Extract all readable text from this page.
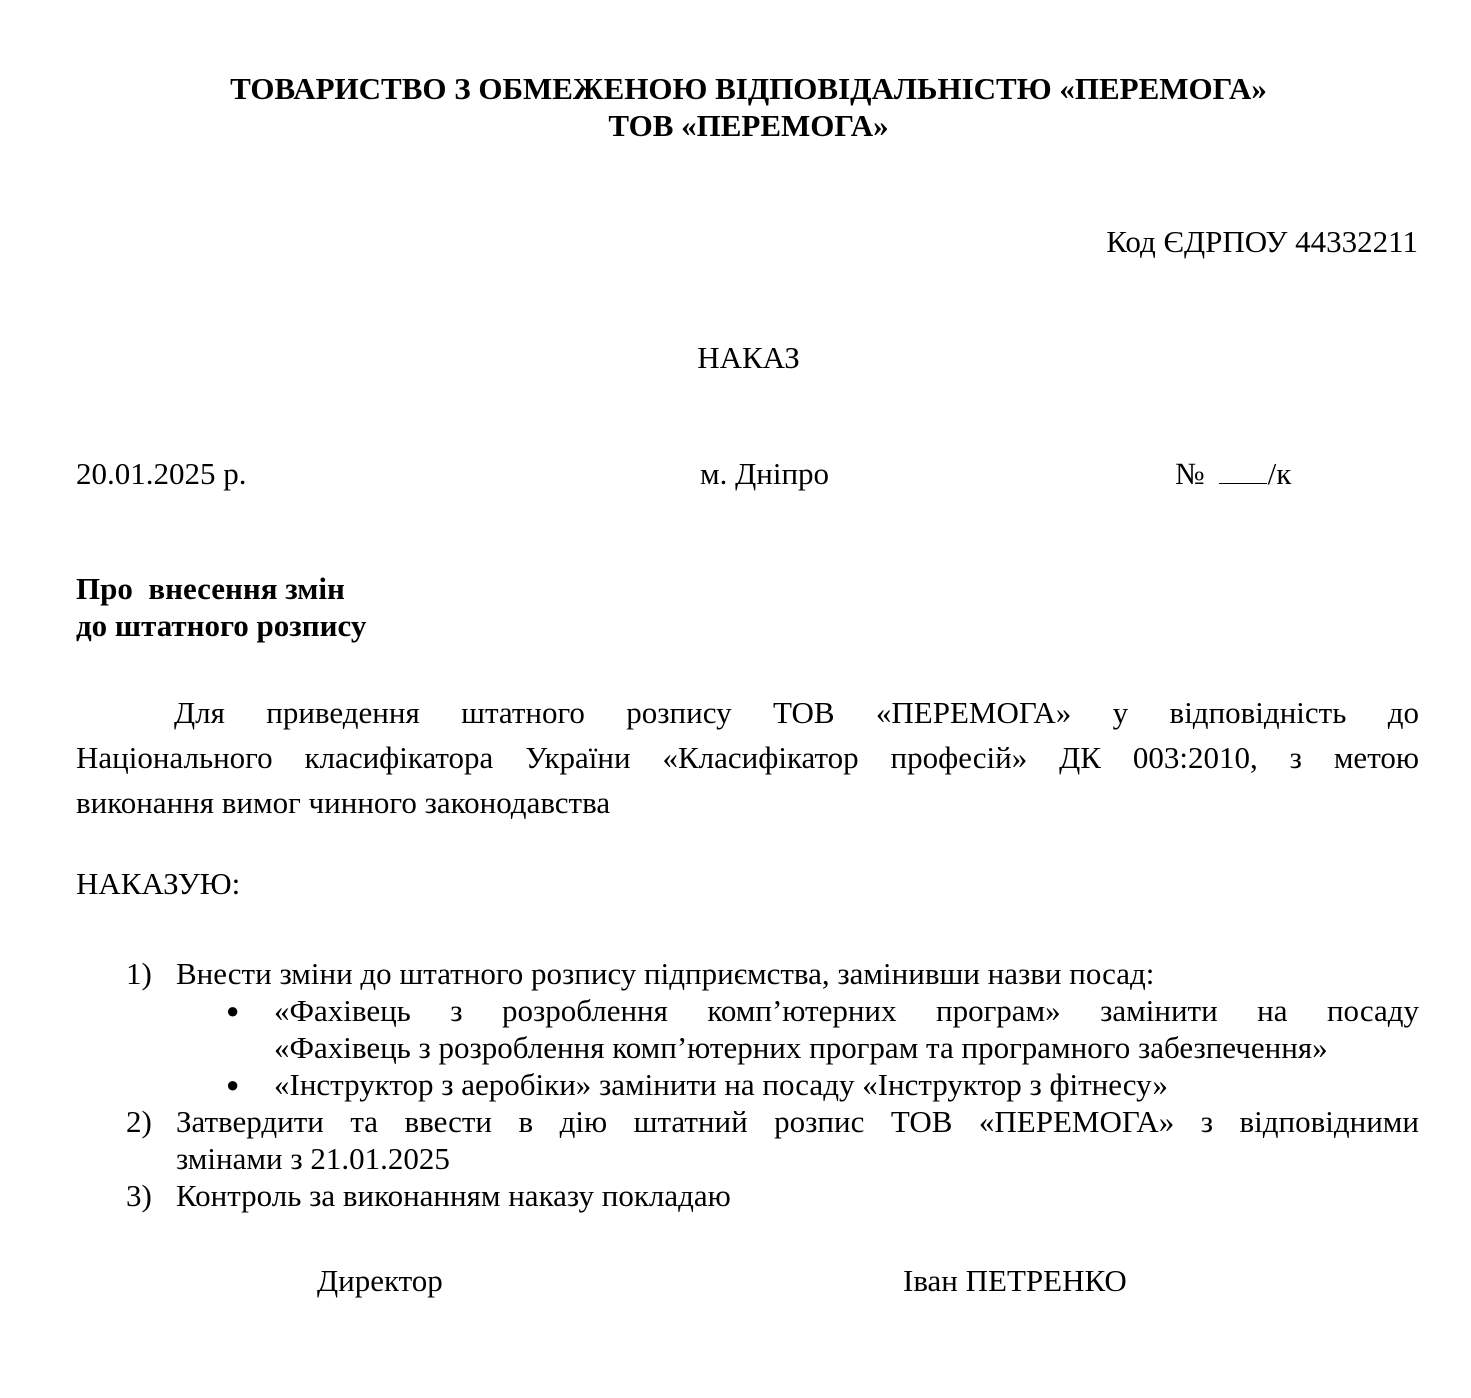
ТОВАРИСТВО З ОБМЕЖЕНОЮ ВІДПОВІДАЛЬНІСТЮ «ПЕРЕМОГА»
ТОВ «ПЕРЕМОГА»
Код ЄДРПОУ 44332211
НАКАЗ
20.01.2025 р.	м. Дніпро	№ /к
Про  внесення змін
до штатного розпису
Для приведення штатного розпису ТОВ «ПЕРЕМОГА» у відповідність до
Національного класифікатора України «Класифікатор професій» ДК 003:2010, з метою
виконання вимог чинного законодавства
НАКАЗУЮ:
1) Внести зміни до штатного розпису підприємства, замінивши назви посад:
● «Фахівець з розроблення комп’ютерних програм» замінити на посаду
«Фахівець з розроблення комп’ютерних програм та програмного забезпечення»
● «Інструктор з аеробіки» замінити на посаду «Інструктор з фітнесу»
2) Затвердити та ввести в дію штатний розпис ТОВ «ПЕРЕМОГА» з відповідними
змінами з 21.01.2025
3) Контроль за виконанням наказу покладаю
Директор	Іван ПЕТРЕНКО
